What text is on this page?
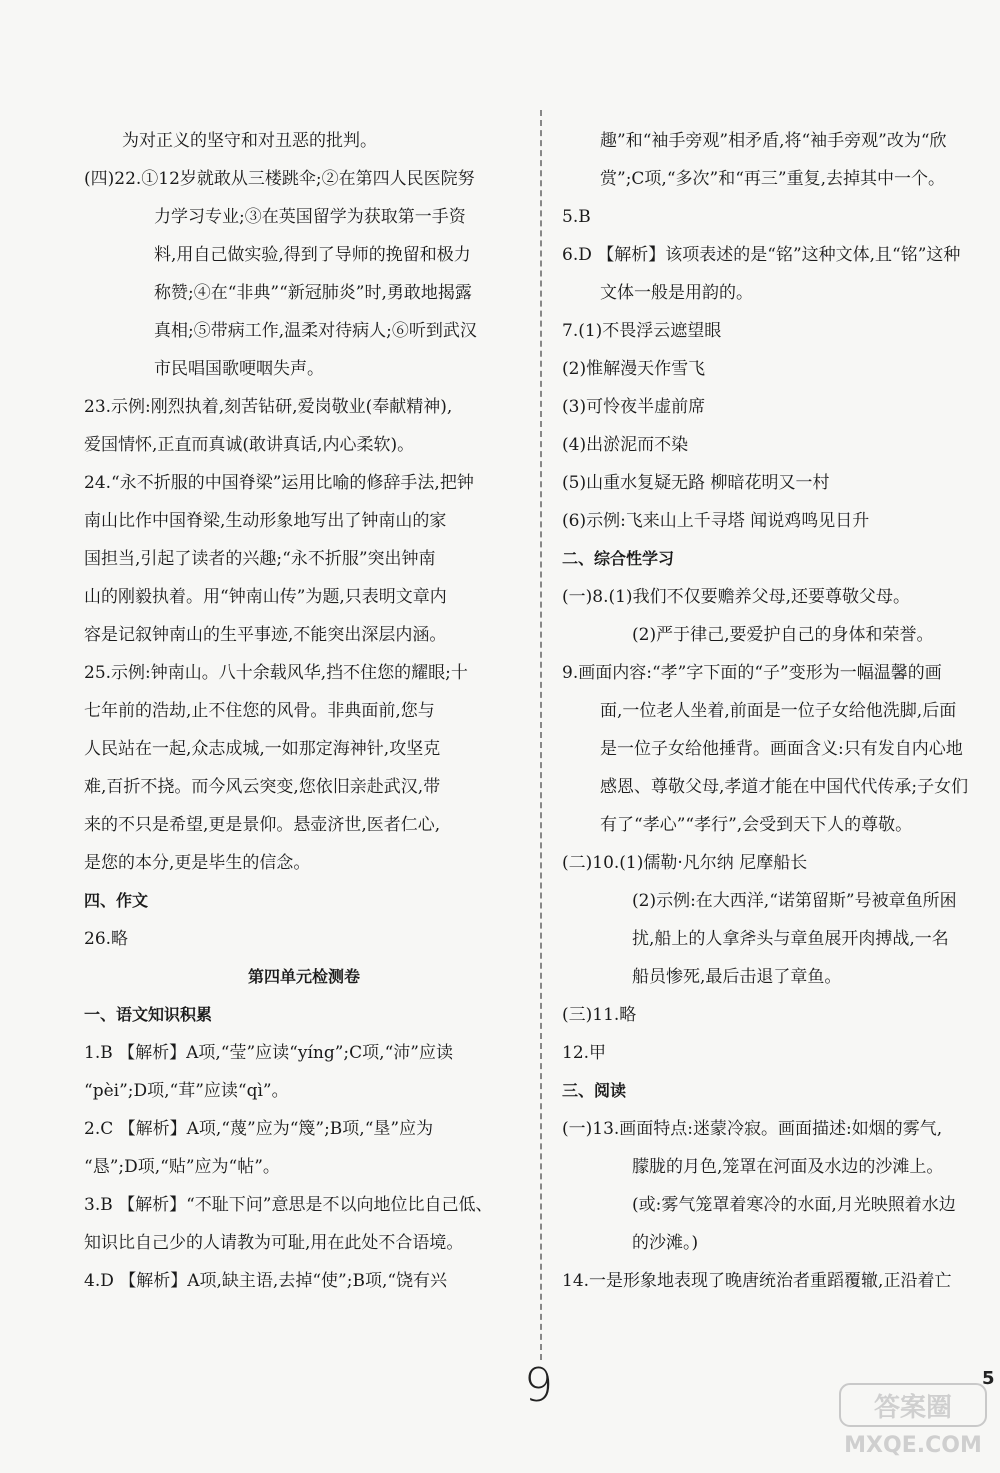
为对正义的坚守和对丑恶的批判。
(四)22.①12岁就敢从三楼跳伞;②在第四人民医院努
力学习专业;③在英国留学为获取第一手资
料,用自己做实验,得到了导师的挽留和极力
称赞;④在“非典”“新冠肺炎”时,勇敢地揭露
真相;⑤带病工作,温柔对待病人;⑥听到武汉
市民唱国歌哽咽失声。
23.示例:刚烈执着,刻苦钻研,爱岗敬业(奉献精神),
爱国情怀,正直而真诚(敢讲真话,内心柔软)。
24.“永不折服的中国脊梁”运用比喻的修辞手法,把钟
南山比作中国脊梁,生动形象地写出了钟南山的家
国担当,引起了读者的兴趣;“永不折服”突出钟南
山的刚毅执着。用“钟南山传”为题,只表明文章内
容是记叙钟南山的生平事迹,不能突出深层内涵。
25.示例:钟南山。八十余载风华,挡不住您的耀眼;十
七年前的浩劫,止不住您的风骨。非典面前,您与
人民站在一起,众志成城,一如那定海神针,攻坚克
难,百折不挠。而今风云突变,您依旧亲赴武汉,带
来的不只是希望,更是景仰。悬壶济世,医者仁心,
是您的本分,更是毕生的信念。
四、作文
26.略
第四单元检测卷
一、语文知识积累
1.B 【解析】A项,“莹”应读“yíng”;C项,“沛”应读
“pèi”;D项,“茸”应读“qì”。
2.C 【解析】A项,“蔑”应为“篾”;B项,“垦”应为
“恳”;D项,“贴”应为“帖”。
3.B 【解析】“不耻下问”意思是不以向地位比自己低、
知识比自己少的人请教为可耻,用在此处不合语境。
4.D 【解析】A项,缺主语,去掉“使”;B项,“饶有兴
趣”和“袖手旁观”相矛盾,将“袖手旁观”改为“欣
赏”;C项,“多次”和“再三”重复,去掉其中一个。
5.B
6.D 【解析】该项表述的是“铭”这种文体,且“铭”这种
文体一般是用韵的。
7.(1)不畏浮云遮望眼
(2)惟解漫天作雪飞
(3)可怜夜半虚前席
(4)出淤泥而不染
(5)山重水复疑无路 柳暗花明又一村
(6)示例:飞来山上千寻塔 闻说鸡鸣见日升
二、综合性学习
(一)8.(1)我们不仅要赡养父母,还要尊敬父母。
(2)严于律己,要爱护自己的身体和荣誉。
9.画面内容:“孝”字下面的“子”变形为一幅温馨的画
面,一位老人坐着,前面是一位子女给他洗脚,后面
是一位子女给他捶背。画面含义:只有发自内心地
感恩、尊敬父母,孝道才能在中国代代传承;子女们
有了“孝心”“孝行”,会受到天下人的尊敬。
(二)10.(1)儒勒·凡尔纳 尼摩船长
(2)示例:在大西洋,“诺第留斯”号被章鱼所困
扰,船上的人拿斧头与章鱼展开肉搏战,一名
船员惨死,最后击退了章鱼。
(三)11.略
12.甲
三、阅读
(一)13.画面特点:迷蒙冷寂。画面描述:如烟的雾气,
朦胧的月色,笼罩在河面及水边的沙滩上。
(或:雾气笼罩着寒冷的水面,月光映照着水边
的沙滩。)
14.一是形象地表现了晚唐统治者重蹈覆辙,正沿着亡
9	5
答案圈
MXQE.COM
